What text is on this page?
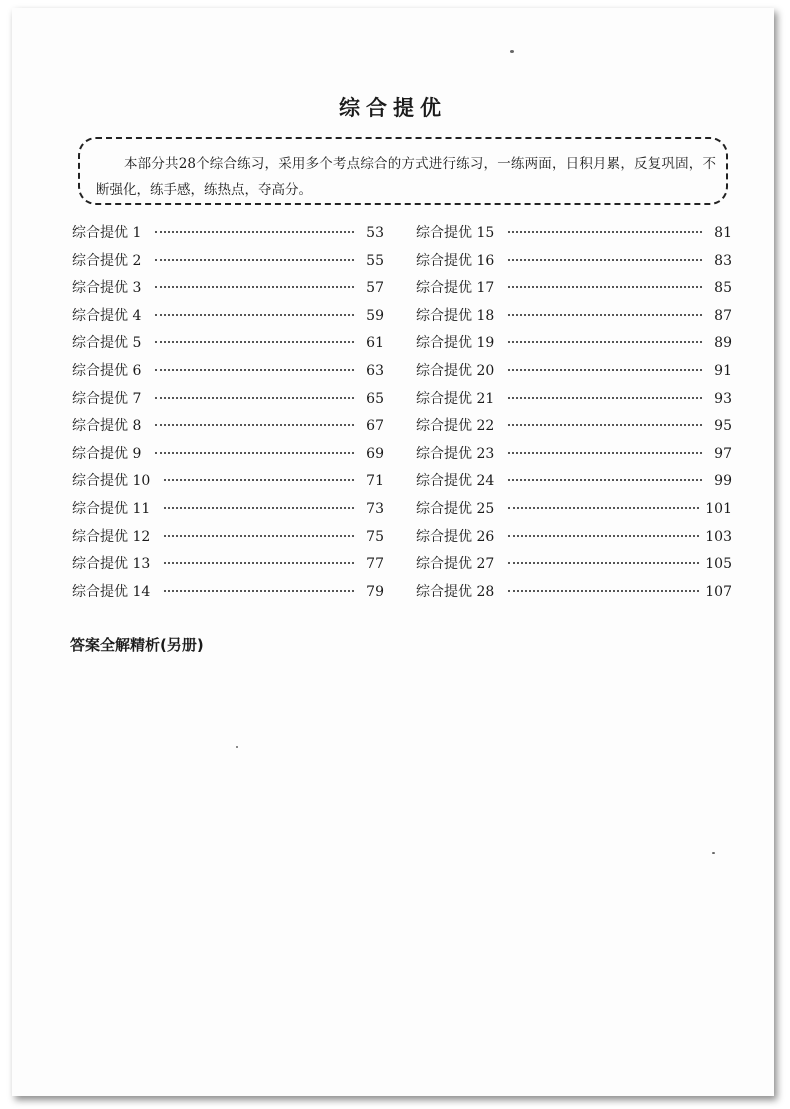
综合提优
本部分共28个综合练习，采用多个考点综合的方式进行练习，一练两面，日积月累，反复巩固，不断强化，练手感，练热点，夺高分。
综合提优 1	53
综合提优 2	55
综合提优 3	57
综合提优 4	59
综合提优 5	61
综合提优 6	63
综合提优 7	65
综合提优 8	67
综合提优 9	69
综合提优 10	71
综合提优 11	73
综合提优 12	75
综合提优 13	77
综合提优 14	79
综合提优 15	81
综合提优 16	83
综合提优 17	85
综合提优 18	87
综合提优 19	89
综合提优 20	91
综合提优 21	93
综合提优 22	95
综合提优 23	97
综合提优 24	99
综合提优 25	101
综合提优 26	103
综合提优 27	105
综合提优 28	107
答案全解精析(另册)
